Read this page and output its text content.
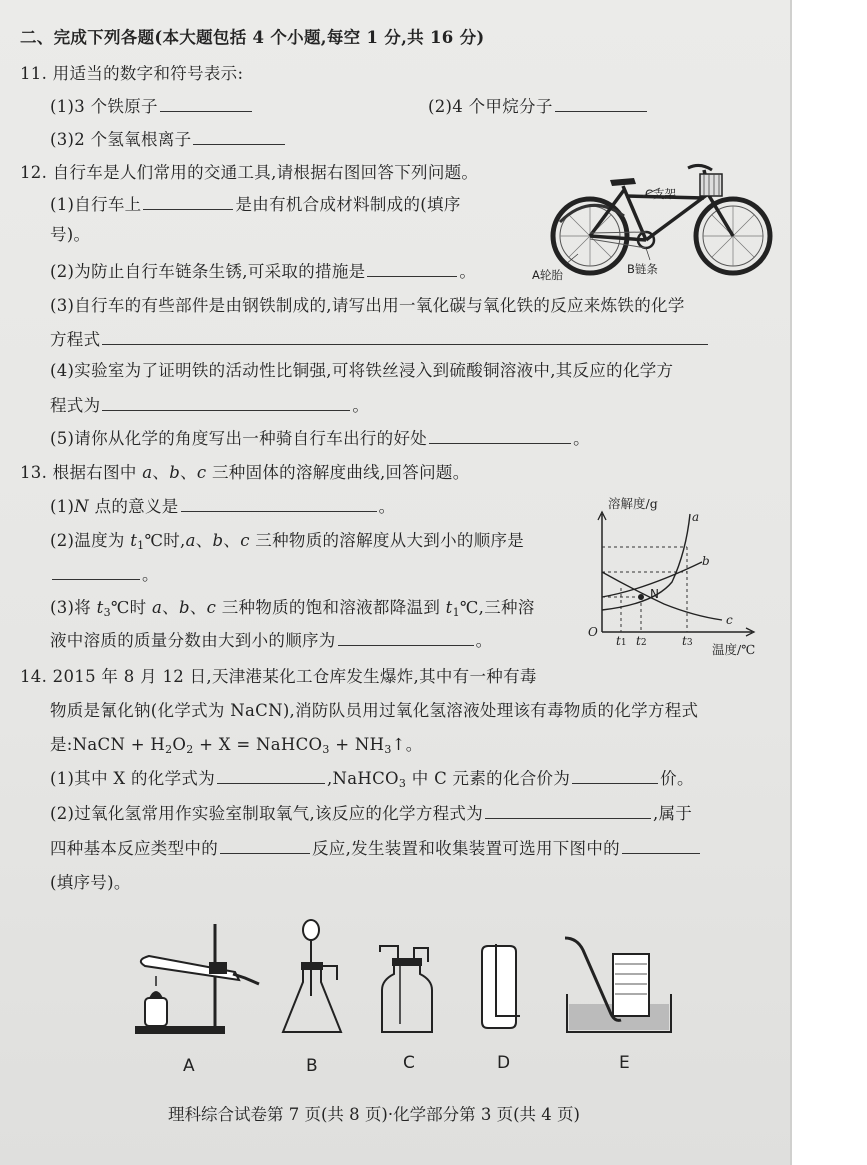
二、完成下列各题(本大题包括 4 个小题,每空 1 分,共 16 分)
11. 用适当的数字和符号表示:
(1)3 个铁原子	(2)4 个甲烷分子
(3)2 个氢氧根离子
12. 自行车是人们常用的交通工具,请根据右图回答下列问题。
(1)自行车上	是由有机合成材料制成的(填序
号)。
(2)为防止自行车链条生锈,可采取的措施是	。
(3)自行车的有些部件是由钢铁制成的,请写出用一氧化碳与氧化铁的反应来炼铁的化学
方程式
(4)实验室为了证明铁的活动性比铜强,可将铁丝浸入到硫酸铜溶液中,其反应的化学方
程式为	。
(5)请你从化学的角度写出一种骑自行车出行的好处	。
C支架
A轮胎	B链条
13. 根据右图中 a、b、c 三种固体的溶解度曲线,回答问题。
(1)N 点的意义是	。
(2)温度为 $t_1℃$时,a、b、c 三种物质的溶解度从大到小的顺序是
。
(3)将 $t_3℃$时 a、b、c 三种物质的饱和溶液都降温到 $t_1℃$,三种溶
液中溶质的质量分数由大到小的顺序为	。
溶解度/g
温度/℃
O
N
a
b
c
t1 t2	t3
14. 2015 年 8 月 12 日,天津港某化工仓库发生爆炸,其中有一种有毒
物质是氰化钠(化学式为 NaCN),消防队员用过氧化氢溶液处理该有毒物质的化学方程式
是:NaCN + $H_2O_2 + X$ = NaHCO$_3$ + $NH_3↑$。
(1)其中 X 的化学式为	,NaHCO$_3$ 中 C 元素的化合价为	价。
(2)过氧化氢常用作实验室制取氧气,该反应的化学方程式为	,属于
四种基本反应类型中的	反应,发生装置和收集装置可选用下图中的
(填序号)。
A	B	C	D	E
理科综合试卷第 7 页(共 8 页)·化学部分第 3 页(共 4 页)
